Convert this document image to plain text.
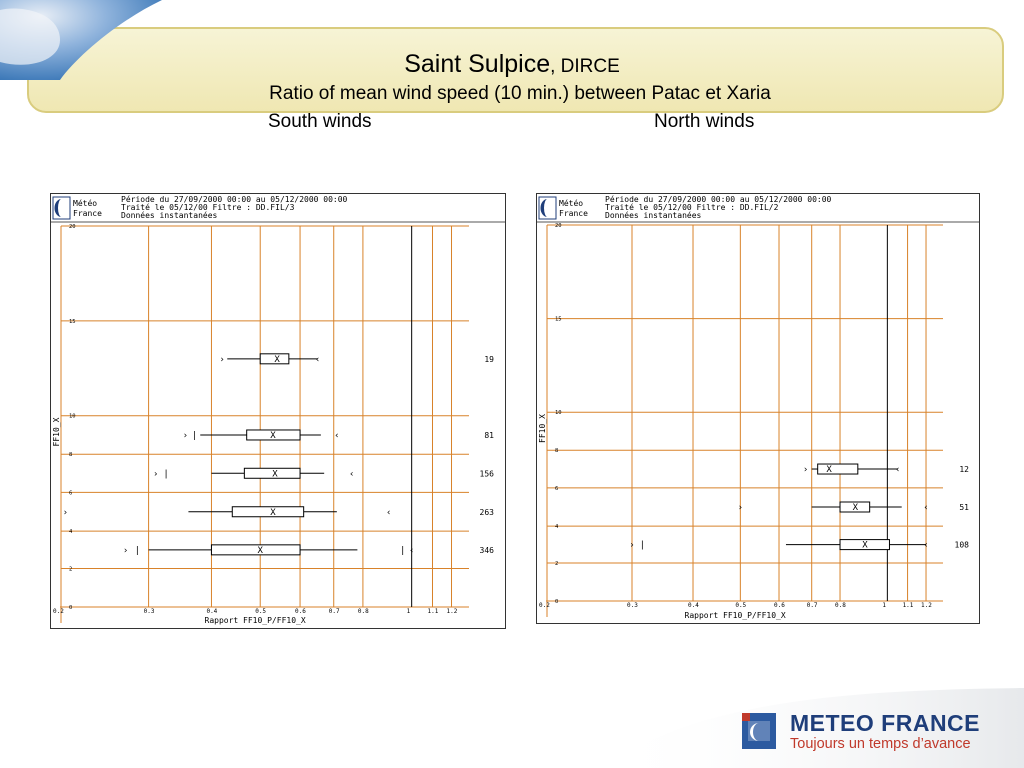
Saint Sulpice, DIRCE
Ratio of mean wind speed (10 min.) between Patac et Xaria
South winds	North winds
Météo
France
Période du 27/09/2000 00:00 au 05/12/2000 00:00
Traité le 05/12/00 Filtre : DD.FIL/3
Données instantanées
0
2
4
6
8
10
15
20
0.2	0.3	0.4	0.5	0.6	0.7	0.8	1	1.1 1.2
Rapport FF10_P/FF10_X
FF10_X
X
›	‹	19
X
› |	‹	81
X
› |	‹	156
X
›	‹	263
X
› |	| ‹	346
Météo
France
Période du 27/09/2000 00:00 au 05/12/2000 00:00
Traité le 05/12/00 Filtre : DD.FIL/2
Données instantanées
0
2
4
6
8
10
15
20
0.2	0.3	0.4	0.5	0.6	0.7	0.8	1	1.1 1.2
Rapport FF10_P/FF10_X
FF10_X
X
›	‹	12
X
›	‹	51
X
› |	‹	108
METEO FRANCE
Toujours un temps d’avance
